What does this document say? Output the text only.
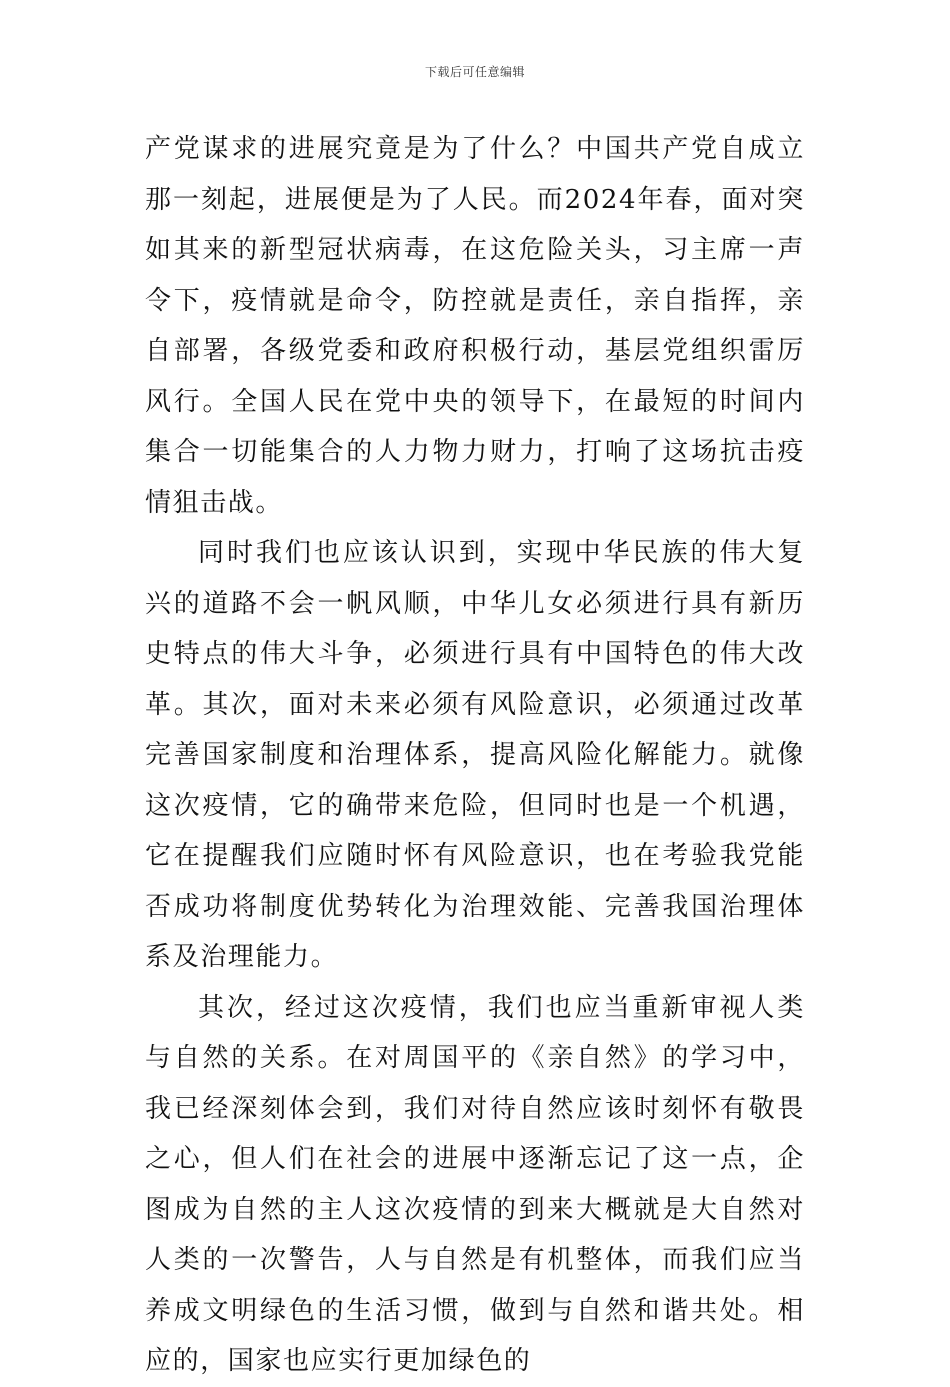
下载后可任意编辑

产党谋求的进展究竟是为了什么？中国共产党自成立那一刻起，进展便是为了人民。而2024年春，面对突如其来的新型冠状病毒，在这危险关头，习主席一声令下，疫情就是命令，防控就是责任，亲自指挥，亲自部署，各级党委和政府积极行动，基层党组织雷厉风行。全国人民在党中央的领导下，在最短的时间内集合一切能集合的人力物力财力，打响了这场抗击疫情狙击战。

同时我们也应该认识到，实现中华民族的伟大复兴的道路不会一帆风顺，中华儿女必须进行具有新历史特点的伟大斗争，必须进行具有中国特色的伟大改革。其次，面对未来必须有风险意识，必须通过改革完善国家制度和治理体系，提高风险化解能力。就像这次疫情，它的确带来危险，但同时也是一个机遇，它在提醒我们应随时怀有风险意识，也在考验我党能否成功将制度优势转化为治理效能、完善我国治理体系及治理能力。

其次，经过这次疫情，我们也应当重新审视人类与自然的关系。在对周国平的《亲自然》的学习中，我已经深刻体会到，我们对待自然应该时刻怀有敬畏之心，但人们在社会的进展中逐渐忘记了这一点，企图成为自然的主人这次疫情的到来大概就是大自然对人类的一次警告，人与自然是有机整体，而我们应当养成文明绿色的生活习惯，做到与自然和谐共处。相应的，国家也应实行更加绿色的
